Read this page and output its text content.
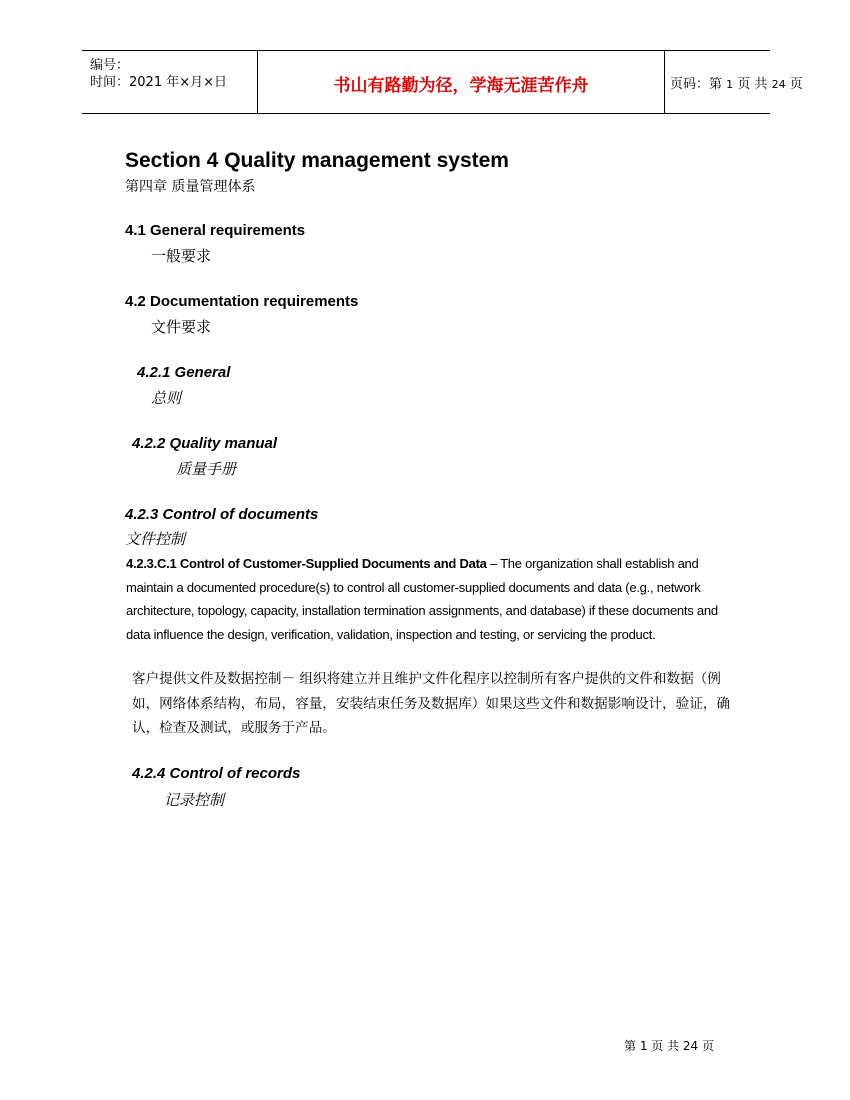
编号：
时间：2021 年×月×日	书山有路勤为径，学海无涯苦作舟	页码：第 1 页 共 24 页
Section 4 Quality management system
第四章 质量管理体系
4.1 General requirements
一般要求
4.2 Documentation requirements
文件要求
4.2.1 General
总则
4.2.2 Quality manual
质量手册
4.2.3 Control of documents
文件控制
4.2.3.C.1 Control of Customer-Supplied Documents and Data – The organization shall establish and maintain a documented procedure(s) to control all customer-supplied documents and data (e.g., network architecture, topology, capacity, installation termination assignments, and database) if these documents and data influence the design, verification, validation, inspection and testing, or servicing the product.
客户提供文件及数据控制－ 组织将建立并且维护文件化程序以控制所有客户提供的文件和数据（例如，网络体系结构，布局，容量，安装结束任务及数据库）如果这些文件和数据影响设计，验证，确认，检查及测试，或服务于产品。
4.2.4 Control of records
记录控制
第 1 页 共 24 页
